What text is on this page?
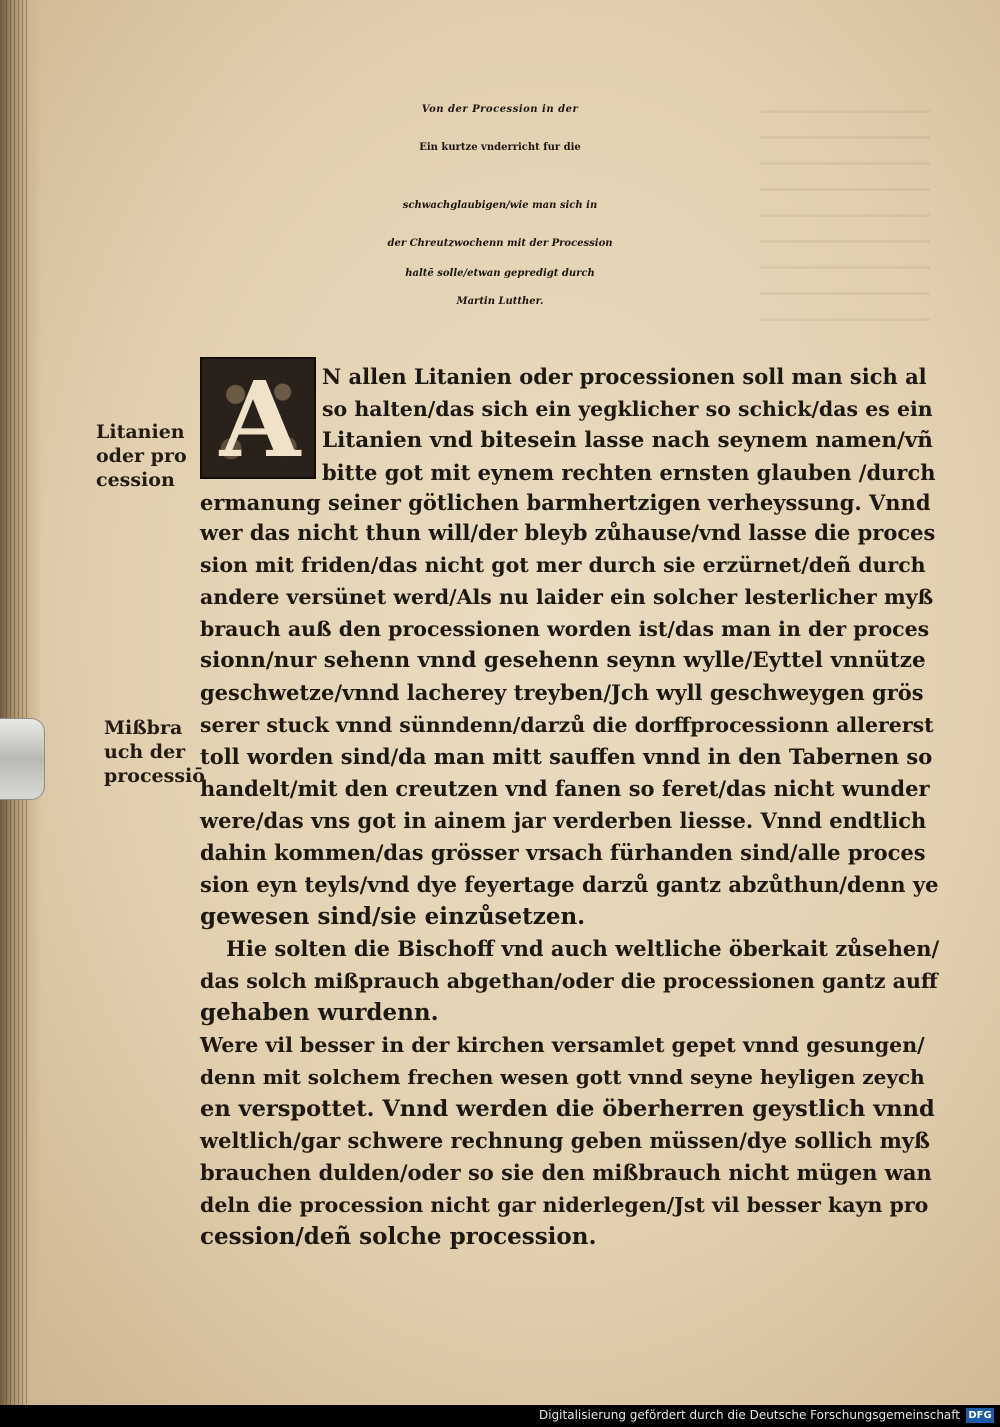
Von der Procession in der
Ein kurtze vnderricht fur die
schwachglaubigen/wie man sich in
der Chreutzwochenn mit der Procession
haltē solle/etwan gepredigt durch
Martin Lutther.
A	N allen Litanien oder processionen soll man sich al
so halten/das sich ein yegklicher so schick/das es ein
Litanien vnd bitesein lasse nach seynem namen/vñ
bitte got mit eynem rechten ernsten glauben /durch
ermanung seiner götlichen barmhertzigen verheyssung. Vnnd
wer das nicht thun will/der bleyb zůhause/vnd lasse die proces
sion mit friden/das nicht got mer durch sie erzürnet/deñ durch
andere versünet werd/Als nu laider ein solcher lesterlicher myß
brauch auß den processionen worden ist/das man in der proces
sionn/nur sehenn vnnd gesehenn seynn wylle/Eyttel vnnütze
geschwetze/vnnd lacherey treyben/Jch wyll geschweygen grös
serer stuck vnnd sünndenn/darzů die dorffprocessionn allererst
toll worden sind/da man mitt sauffen vnnd in den Tabernen so
handelt/mit den creutzen vnd fanen so feret/das nicht wunder
were/das vns got in ainem jar verderben liesse. Vnnd endtlich
dahin kommen/das grösser vrsach fürhanden sind/alle proces
sion eyn teyls/vnd dye feyertage darzů gantz abzůthun/denn ye
gewesen sind/sie einzůsetzen.
Hie solten die Bischoff vnd auch weltliche öberkait zůsehen/
das solch mißprauch abgethan/oder die processionen gantz auff
gehaben wurdenn.
Were vil besser in der kirchen versamlet gepet vnnd gesungen/
denn mit solchem frechen wesen gott vnnd seyne heyligen zeych
en verspottet. Vnnd werden die öberherren geystlich vnnd
weltlich/gar schwere rechnung geben müssen/dye sollich myß
brauchen dulden/oder so sie den mißbrauch nicht mügen wan
deln die procession nicht gar niderlegen/Jst vil besser kayn pro
cession/deñ solche procession.
Litanien
oder pro
cession
Mißbra
uch der
processiō
Digitalisierung gefördert durch die Deutsche Forschungsgemeinschaft DFG
